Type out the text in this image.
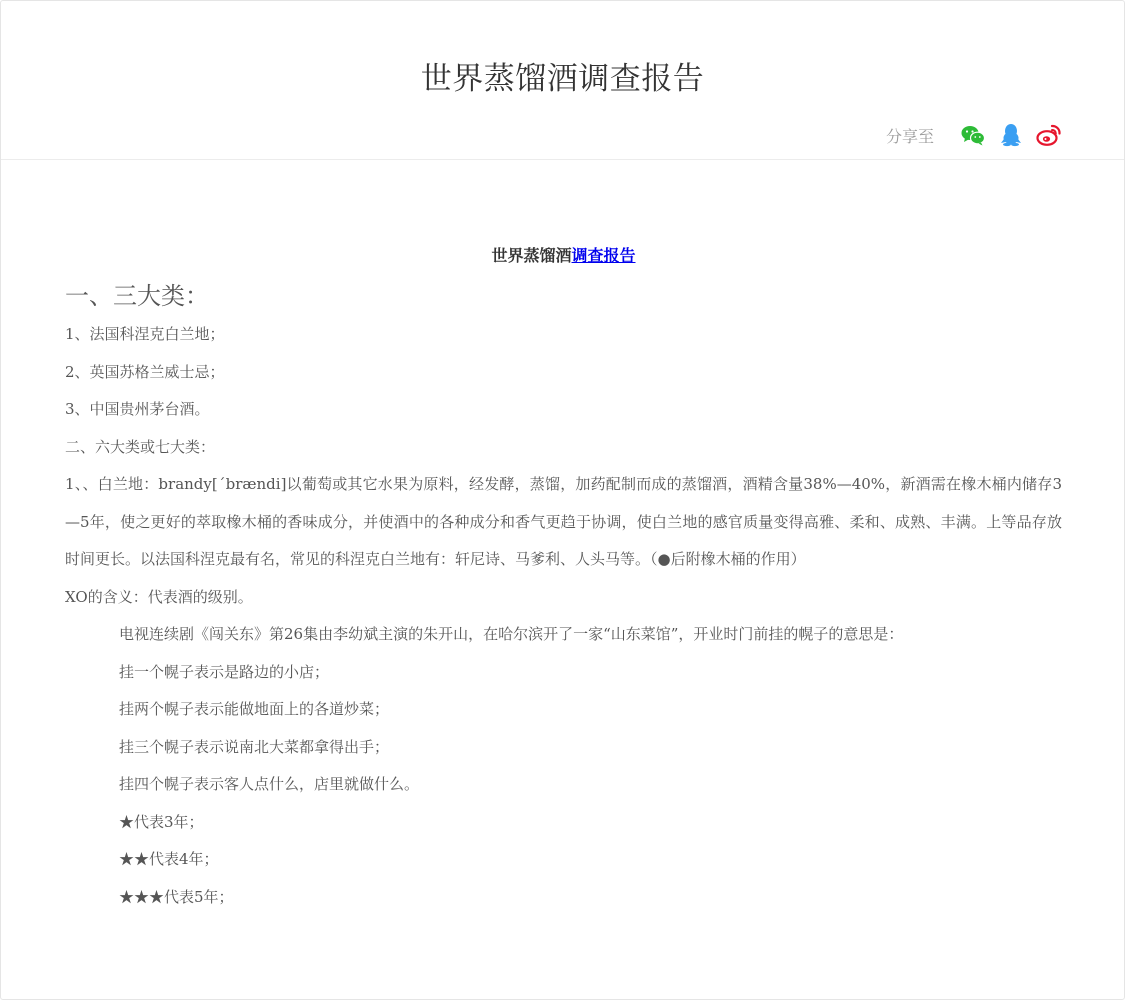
世界蒸馏酒调查报告
分享至

世界蒸馏酒调查报告

一、三大类：

1、法国科涅克白兰地；

2、英国苏格兰威士忌；

3、中国贵州茅台酒。

二、六大类或七大类：

1、、白兰地：brandy[ˊbrændi]以葡萄或其它水果为原料，经发酵，蒸馏，加药配制而成的蒸馏酒，酒精含量38%—40%，新酒需在橡木桶内储存3—5年，使之更好的萃取橡木桶的香味成分，并使酒中的各种成分和香气更趋于协调，使白兰地的感官质量变得高雅、柔和、成熟、丰满。上等品存放时间更长。以法国科涅克最有名，常见的科涅克白兰地有：轩尼诗、马爹利、人头马等。（●后附橡木桶的作用）

XO的含义：代表酒的级别。

电视连续剧《闯关东》第26集由李幼斌主演的朱开山，在哈尔滨开了一家“山东菜馆”，开业时门前挂的幌子的意思是：

挂一个幌子表示是路边的小店；

挂两个幌子表示能做地面上的各道炒菜；

挂三个幌子表示说南北大菜都拿得出手；

挂四个幌子表示客人点什么，店里就做什么。

★代表3年；

★★代表4年；

★★★代表5年；
